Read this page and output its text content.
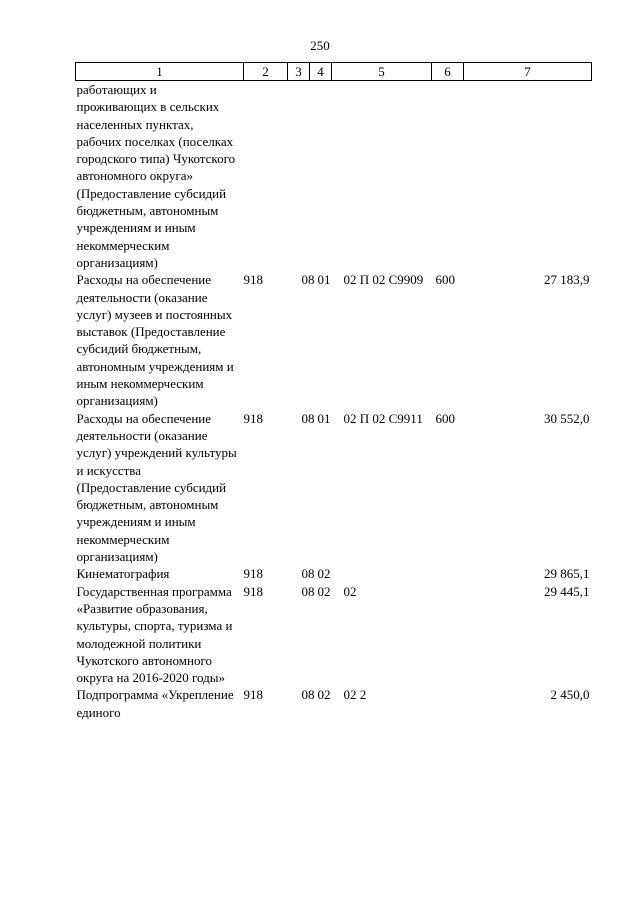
250
1	2	3	4	5	6	7
работающих и проживающих в сельских населенных пунктах, рабочих поселках (поселках городского типа) Чукотского автономного округа» (Предоставление субсидий бюджетным, автономным учреждениям и иным некоммерческим организациям)						
Расходы на обеспечение деятельности (оказание услуг) музеев и постоянных выставок (Предоставление субсидий бюджетным, автономным учреждениям и иным некоммерческим организациям)	918	08	01	02 П 02 С9909	600	27 183,9
Расходы на обеспечение деятельности (оказание услуг) учреждений культуры и искусства (Предоставление субсидий бюджетным, автономным учреждениям и иным некоммерческим организациям)	918	08	01	02 П 02 С9911	600	30 552,0
Кинематография	918	08	02			29 865,1
Государственная программа «Развитие образования, культуры, спорта, туризма и молодежной политики Чукотского автономного округа на 2016-2020 годы»	918	08	02	02		29 445,1
Подпрограмма «Укрепление единого	918	08	02	02 2		2 450,0
